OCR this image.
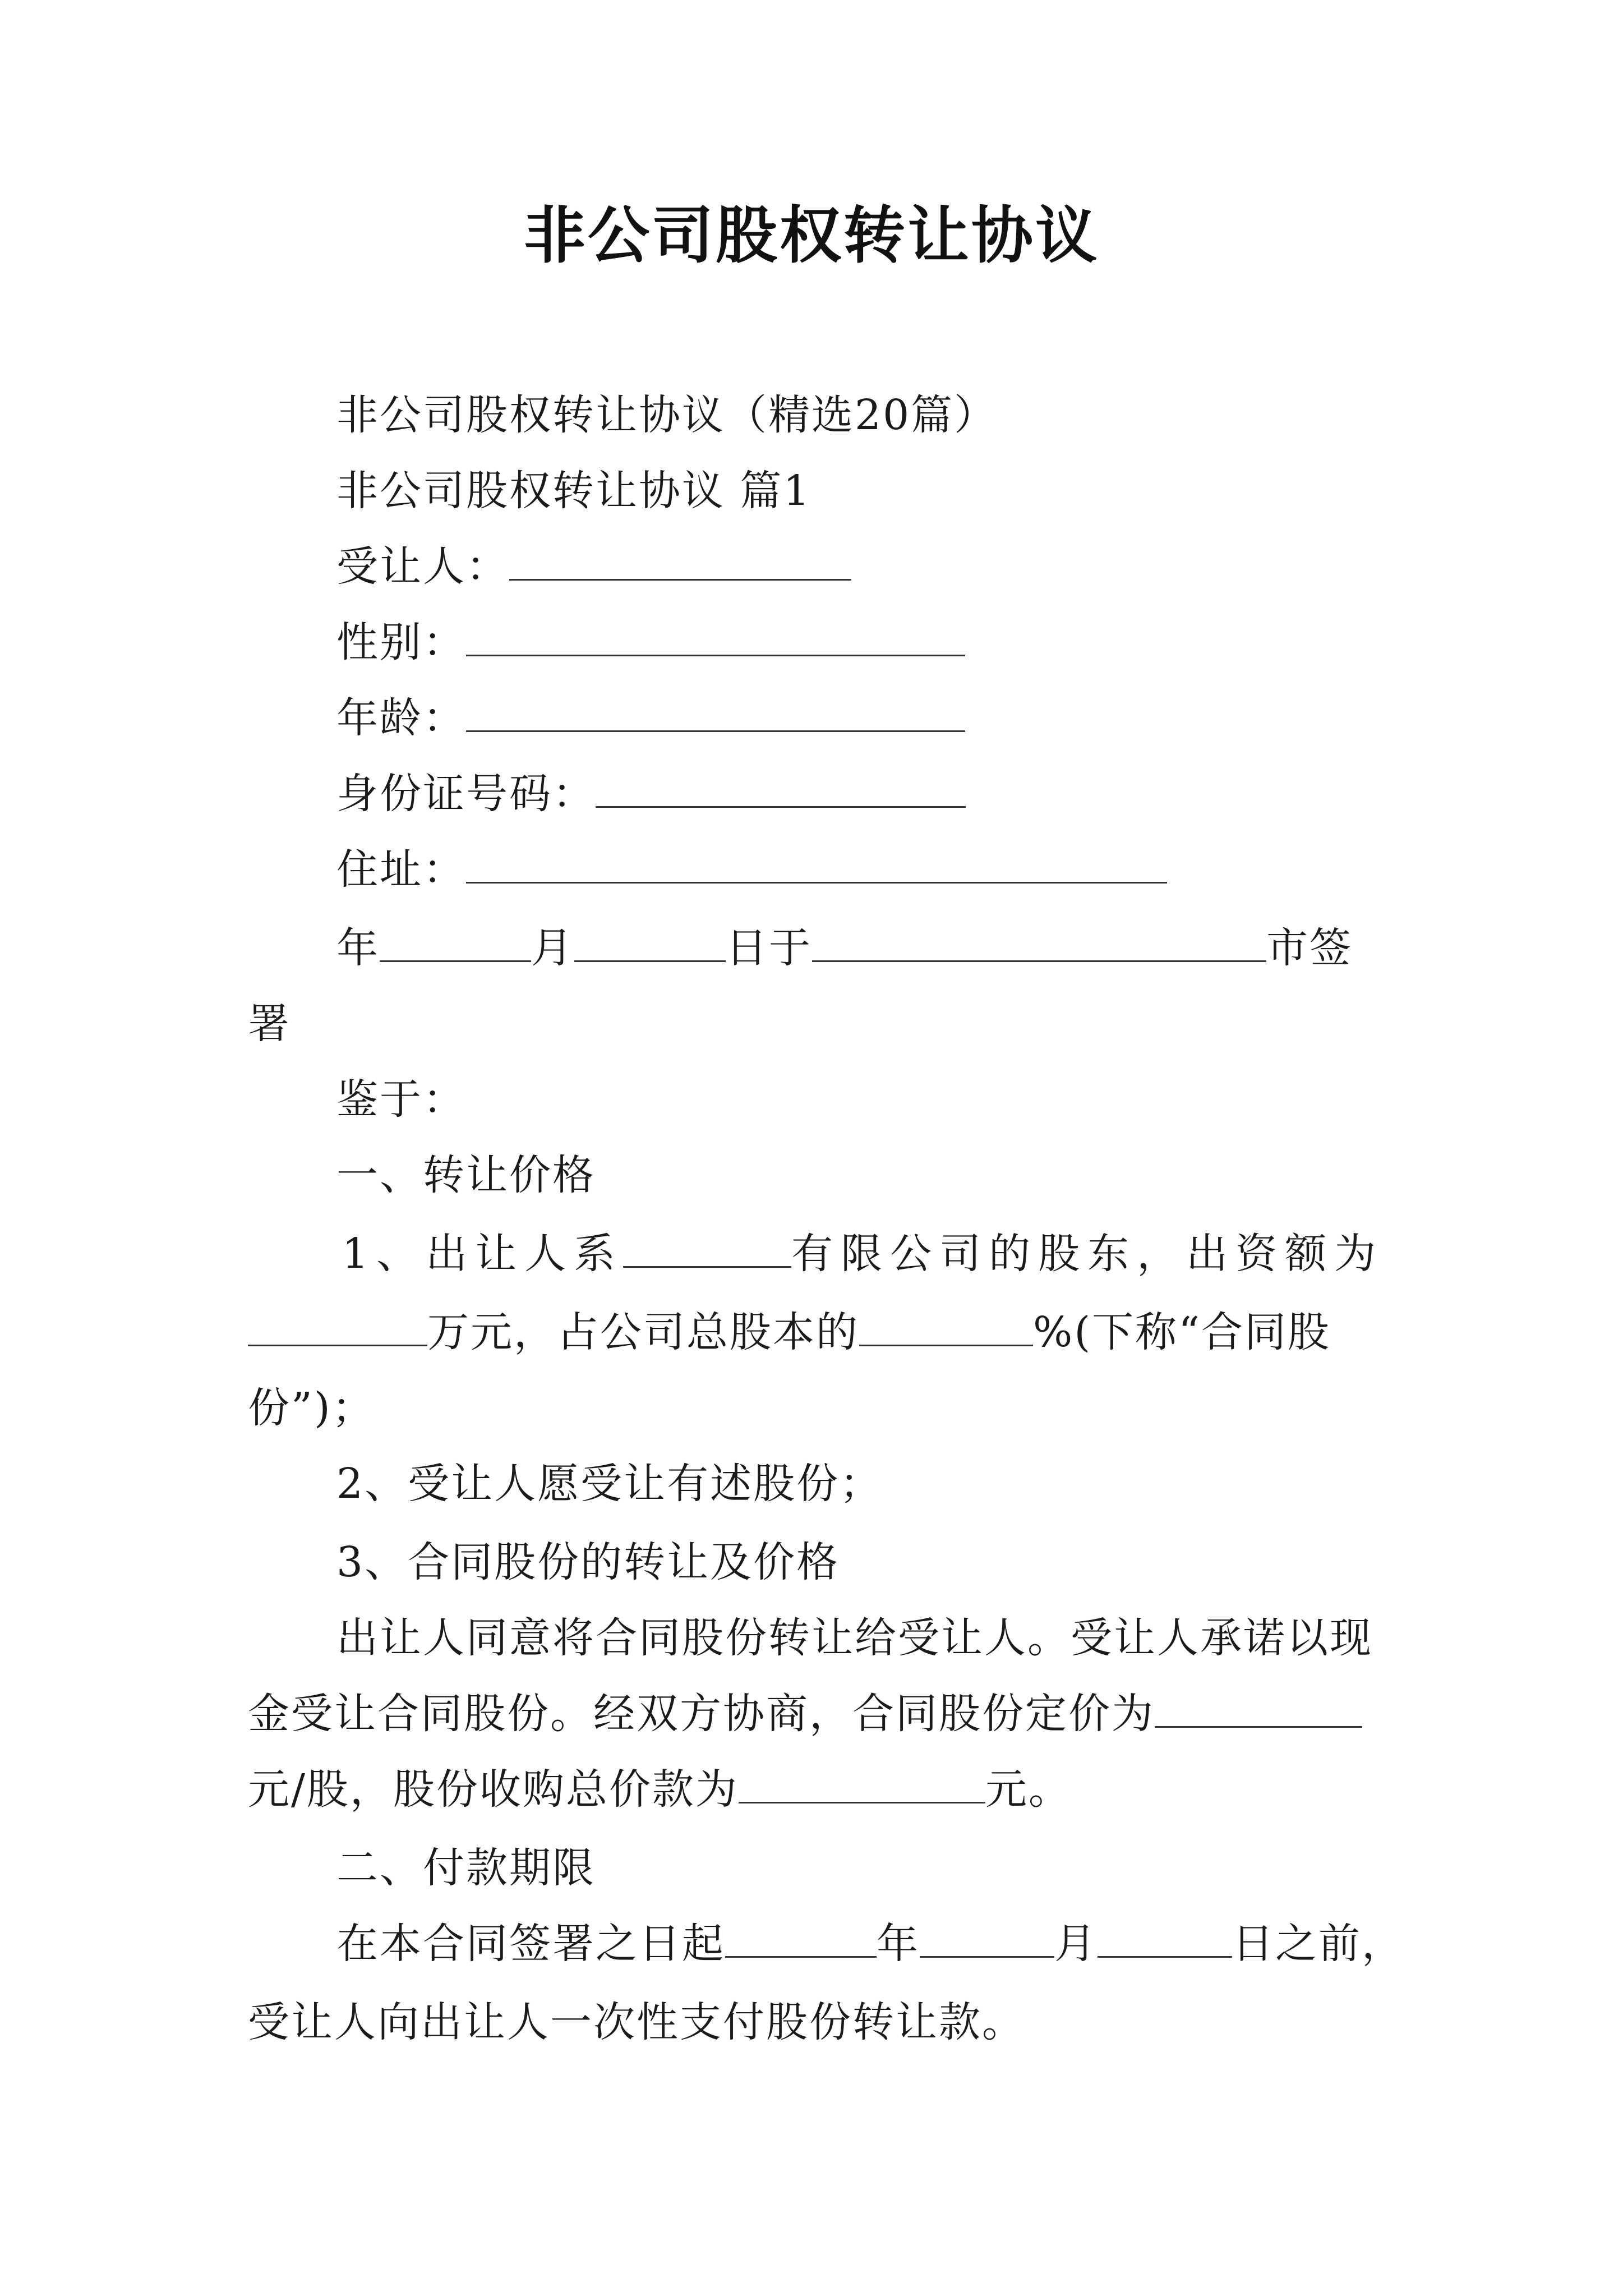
非公司股权转让协议
非公司股权转让协议（精选20篇）
非公司股权转让协议 篇1
受让人：
性别：
年龄：
身份证号码：
住址：
年	月	日于	市签
署
鉴于：
一、转让价格
1、出让人系	有限公司的股东，出资额为
万元，占公司总股本的	%(下称“合同股
份”)；
2、受让人愿受让有述股份；
3、合同股份的转让及价格
出让人同意将合同股份转让给受让人。受让人承诺以现
金受让合同股份。经双方协商，合同股份定价为
元/股，股份收购总价款为	元。
二、付款期限
在本合同签署之日起	年	月	日之前，
受让人向出让人一次性支付股份转让款。
